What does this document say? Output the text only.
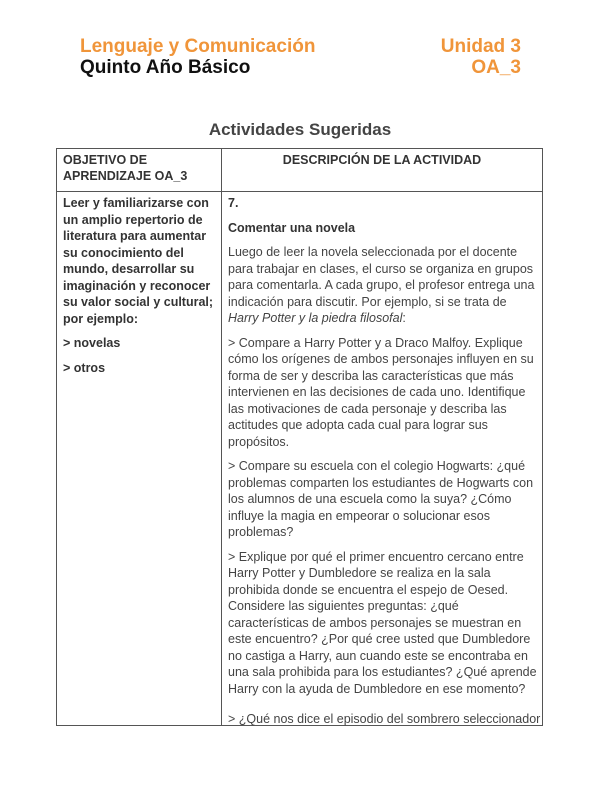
Lenguaje y Comunicación	Unidad 3
Quinto Año Básico	OA_3
Actividades Sugeridas
OBJETIVO DE APRENDIZAJE OA_3
DESCRIPCIÓN DE LA ACTIVIDAD

Leer y familiarizarse con un amplio repertorio de literatura para aumentar su conocimiento del mundo, desarrollar su imaginación y reconocer su valor social y cultural; por ejemplo:

> novelas

> otros

7.

Comentar una novela

Luego de leer la novela seleccionada por el docente para trabajar en clases, el curso se organiza en grupos para comentarla. A cada grupo, el profesor entrega una indicación para discutir. Por ejemplo, si se trata de Harry Potter y la piedra filosofal:

> Compare a Harry Potter y a Draco Malfoy. Explique cómo los orígenes de ambos personajes influyen en su forma de ser y describa las características que más intervienen en las decisiones de cada uno. Identifique las motivaciones de cada personaje y describa las actitudes que adopta cada cual para lograr sus propósitos.

> Compare su escuela con el colegio Hogwarts: ¿qué problemas comparten los estudiantes de Hogwarts con los alumnos de una escuela como la suya? ¿Cómo influye la magia en empeorar o solucionar esos problemas?

> Explique por qué el primer encuentro cercano entre Harry Potter y Dumbledore se realiza en la sala prohibida donde se encuentra el espejo de Oesed. Considere las siguientes preguntas: ¿qué características de ambos personajes se muestran en este encuentro? ¿Por qué cree usted que Dumbledore no castiga a Harry, aun cuando este se encontraba en una sala prohibida para los estudiantes? ¿Qué aprende Harry con la ayuda de Dumbledore en ese momento?

> ¿Qué nos dice el episodio del sombrero seleccionador
